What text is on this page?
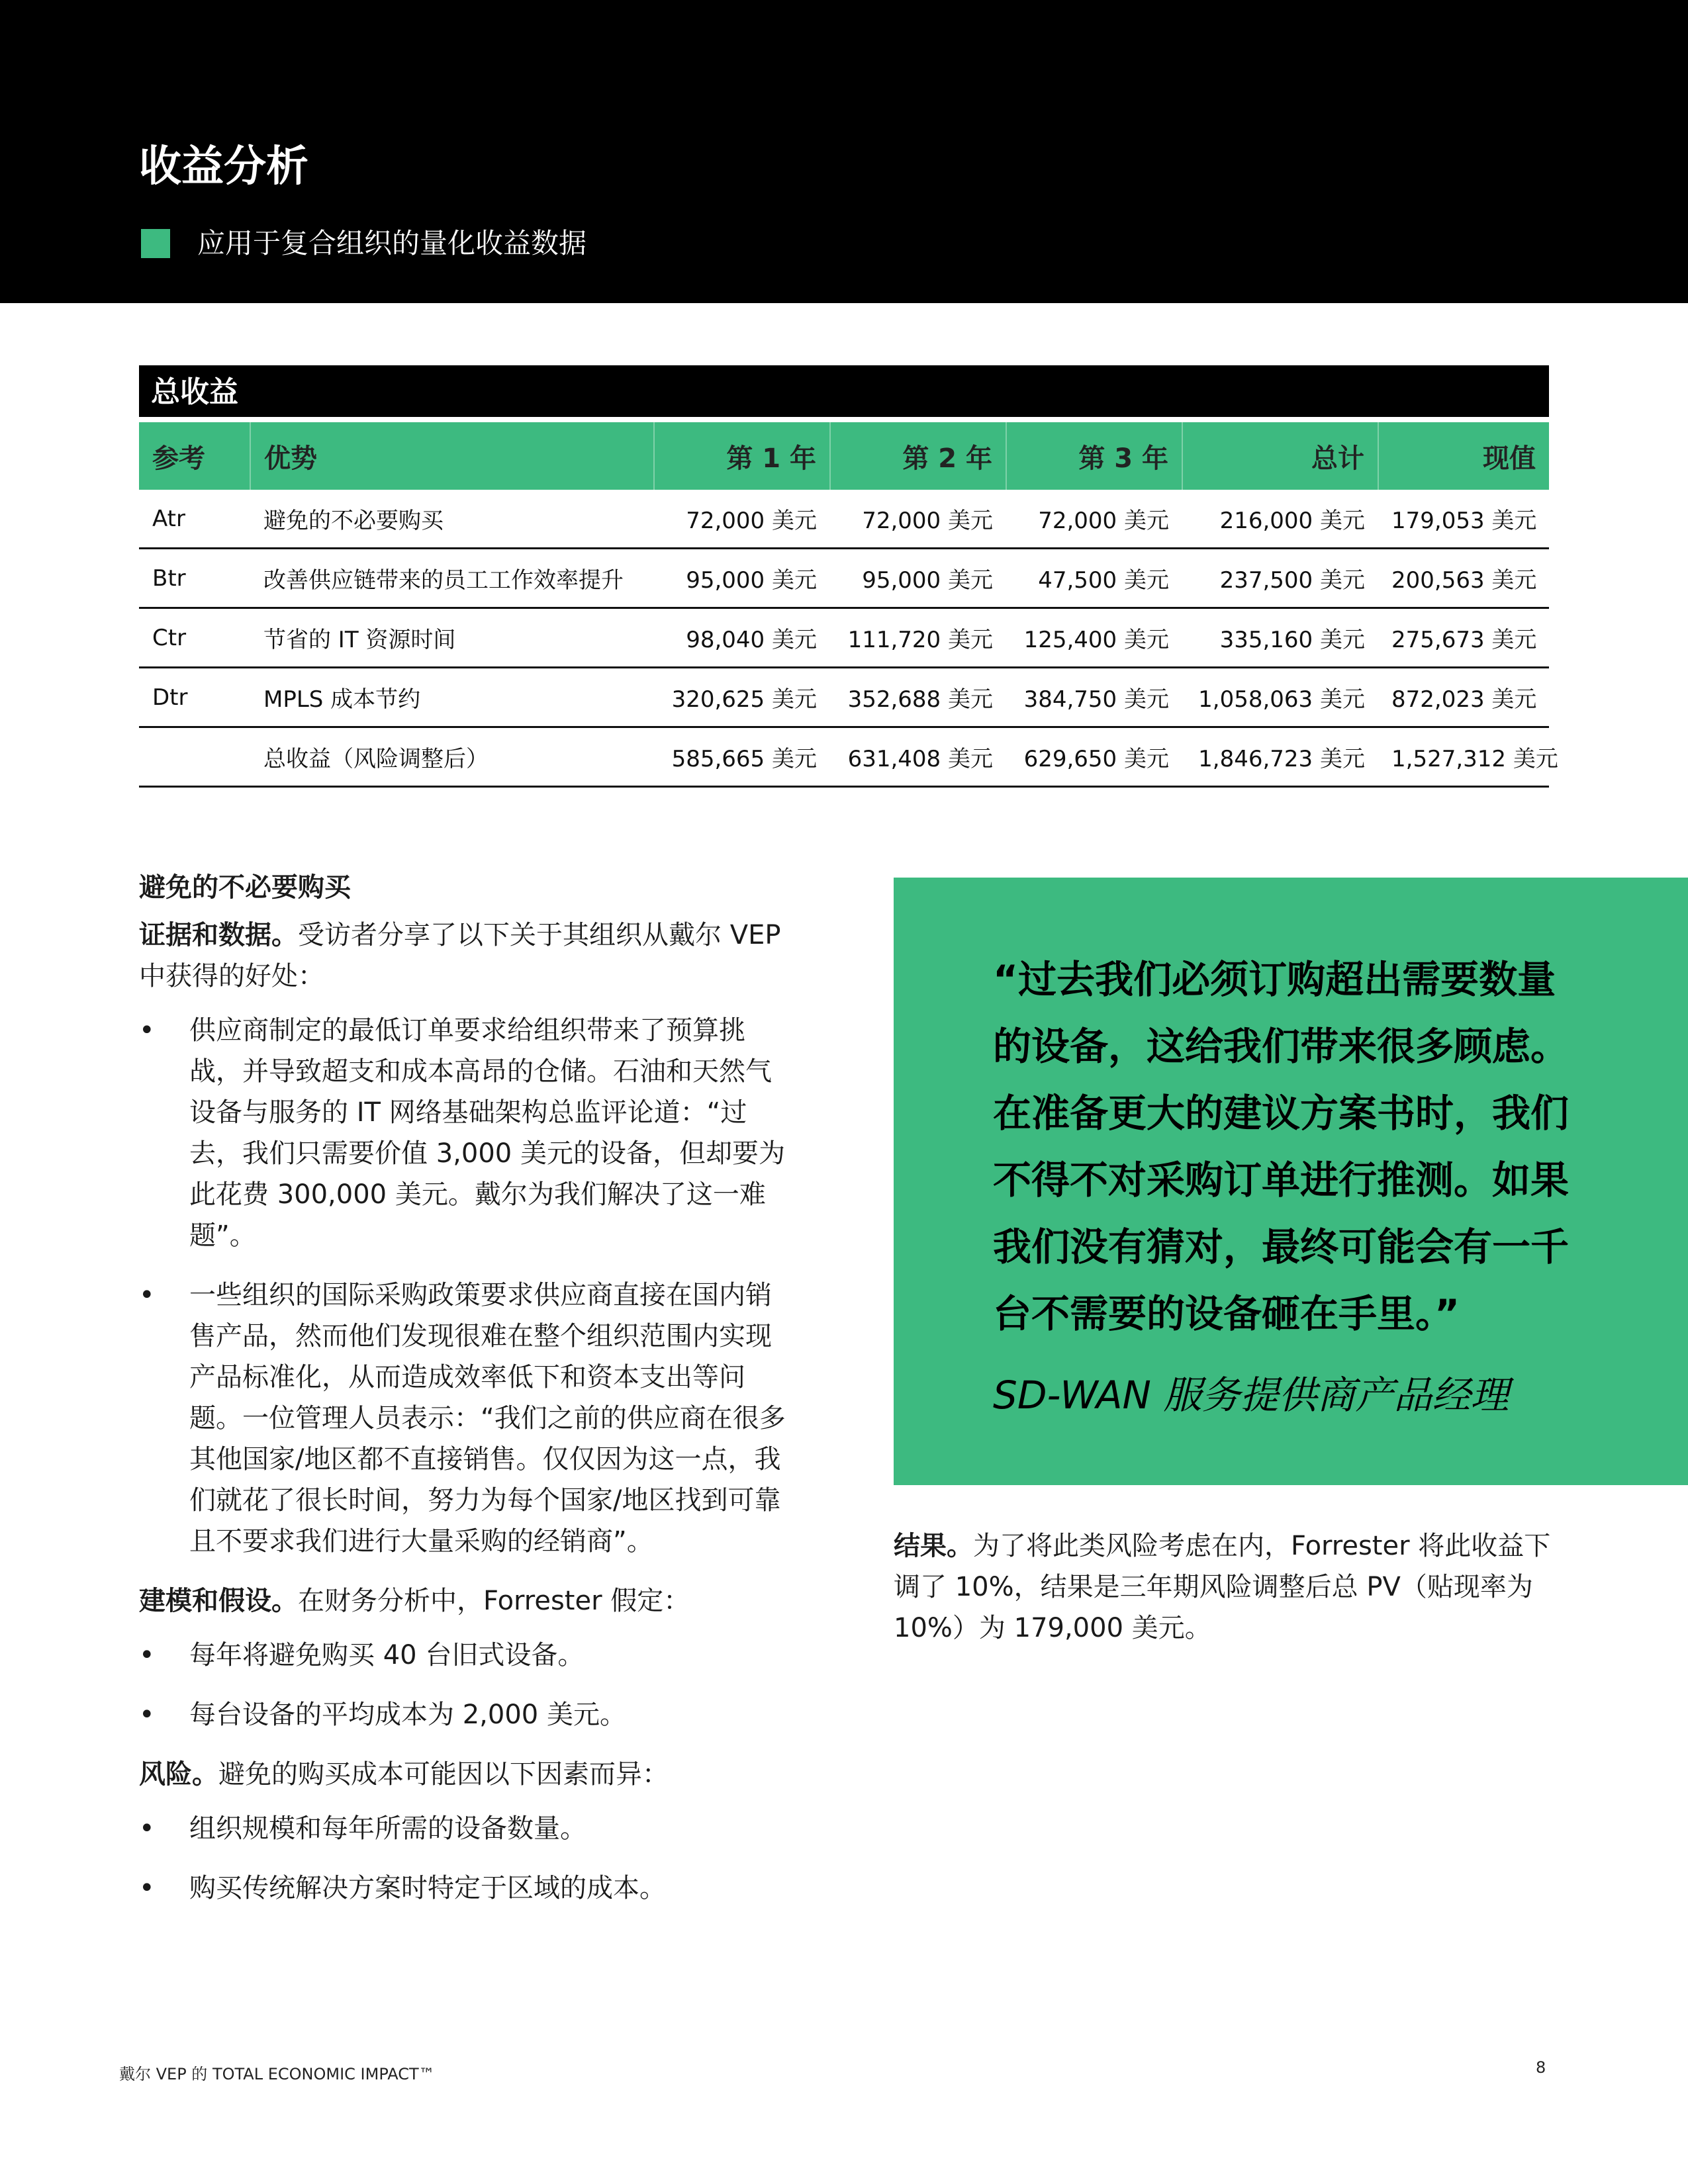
收益分析
应用于复合组织的量化收益数据
总收益
参考	优势	第 1 年	第 2 年	第 3 年	总计	现值
Atr	避免的不必要购买	72,000 美元	72,000 美元	72,000 美元	216,000 美元	179,053 美元
Btr	改善供应链带来的员工工作效率提升	95,000 美元	95,000 美元	47,500 美元	237,500 美元	200,563 美元
Ctr	节省的 IT 资源时间	98,040 美元	111,720 美元	125,400 美元	335,160 美元	275,673 美元
Dtr	MPLS 成本节约	320,625 美元	352,688 美元	384,750 美元	1,058,063 美元	872,023 美元
	总收益（风险调整后）	585,665 美元	631,408 美元	629,650 美元	1,846,723 美元	1,527,312 美元

避免的不必要购买

证据和数据。受访者分享了以下关于其组织从戴尔 VEP 中获得的好处：

• 供应商制定的最低订单要求给组织带来了预算挑战，并导致超支和成本高昂的仓储。石油和天然气设备与服务的 IT 网络基础架构总监评论道：“过去，我们只需要价值 3,000 美元的设备，但却要为此花费 300,000 美元。戴尔为我们解决了这一难题”。
• 一些组织的国际采购政策要求供应商直接在国内销售产品，然而他们发现很难在整个组织范围内实现产品标准化，从而造成效率低下和资本支出等问题。一位管理人员表示：“我们之前的供应商在很多其他国家/地区都不直接销售。仅仅因为这一点，我们就花了很长时间，努力为每个国家/地区找到可靠且不要求我们进行大量采购的经销商”。

建模和假设。在财务分析中，Forrester 假定：

• 每年将避免购买 40 台旧式设备。
• 每台设备的平均成本为 2,000 美元。

风险。避免的购买成本可能因以下因素而异：

• 组织规模和每年所需的设备数量。
• 购买传统解决方案时特定于区域的成本。
“过去我们必须订购超出需要数量的设备，这给我们带来很多顾虑。在准备更大的建议方案书时，我们不得不对采购订单进行推测。如果我们没有猜对，最终可能会有一千台不需要的设备砸在手里。”
SD-WAN 服务提供商产品经理
结果。为了将此类风险考虑在内，Forrester 将此收益下调了 10%，结果是三年期风险调整后总 PV（贴现率为 10%）为 179,000 美元。
戴尔 VEP 的 TOTAL ECONOMIC IMPACT™	8
